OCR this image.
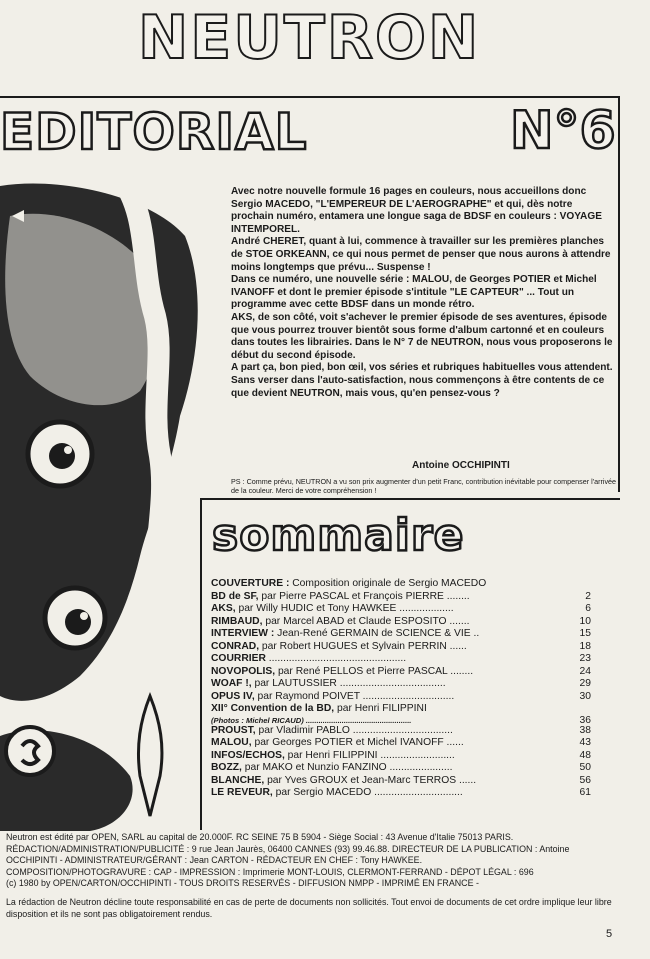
NEUTRON
EDITORIAL	N°6

Avec notre nouvelle formule 16 pages en couleurs, nous accueillons donc Sergio MACEDO, "L'EMPEREUR DE L'AEROGRAPHE" et qui, dès notre prochain numéro, entamera une longue saga de BDSF en couleurs : VOYAGE INTEMPOREL.

André CHERET, quant à lui, commence à travailler sur les premières planches de STOE ORKEANN, ce qui nous permet de penser que nous aurons à attendre moins longtemps que prévu... Suspense !

Dans ce numéro, une nouvelle série : MALOU, de Georges POTIER et Michel IVANOFF et dont le premier épisode s'intitule "LE CAPTEUR" ... Tout un programme avec cette BDSF dans un monde rétro.

AKS, de son côté, voit s'achever le premier épisode de ses aventures, épisode que vous pourrez trouver bientôt sous forme d'album cartonné et en couleurs dans toutes les librairies. Dans le N° 7 de NEUTRON, nous vous proposerons le début du second épisode.

A part ça, bon pied, bon œil, vos séries et rubriques habituelles vous attendent.

Sans verser dans l'auto-satisfaction, nous commençons à être contents de ce que devient NEUTRON, mais vous, qu'en pensez-vous ?

Antoine OCCHIPINTI
PS : Comme prévu, NEUTRON a vu son prix augmenter d'un petit Franc, contribution inévitable pour compenser l'arrivée de la couleur. Merci de votre compréhension !
sommaire
COUVERTURE : Composition originale de Sergio MACEDO
BD de SF, par Pierre PASCAL et François PIERRE ........	2
AKS, par Willy HUDIC et Tony HAWKEE ...................	6
RIMBAUD, par Marcel ABAD et Claude ESPOSITO .......	10
INTERVIEW : Jean-René GERMAIN de SCIENCE & VIE ..	15
CONRAD, par Robert HUGUES et Sylvain PERRIN ......	18
COURRIER ................................................	23
NOVOPOLIS, par René PELLOS et Pierre PASCAL ........	24
WOAF !, par LAUTUSSIER .....................................	29
OPUS IV, par Raymond POIVET ................................	30
XII° Convention de la BD, par Henri FILIPPINI
(Photos : Michel RICAUD) ..................................................	36
PROUST, par Vladimir PABLO ...................................	38
MALOU, par Georges POTIER et Michel IVANOFF ......	43
INFOS/ECHOS, par Henri FILIPPINI ..........................	48
BOZZ, par MAKO et Nunzio FANZINO ......................	50
BLANCHE, par Yves GROUX et Jean-Marc TERROS ......	56
LE REVEUR, par Sergio MACEDO ...............................	61
Neutron est édité par OPEN, SARL au capital de 20.000F. RC SEINE 75 B 5904 - Siège Social : 43 Avenue d'Italie 75013 PARIS. RÉDACTION/ADMINISTRATION/PUBLICITÉ : 9 rue Jean Jaurès, 06400 CANNES (93) 99.46.88. DIRECTEUR DE LA PUBLICATION : Antoine OCCHIPINTI - ADMINISTRATEUR/GÉRANT : Jean CARTON - RÉDACTEUR EN CHEF : Tony HAWKEE.
COMPOSITION/PHOTOGRAVURE : CAP - IMPRESSION : Imprimerie MONT-LOUIS, CLERMONT-FERRAND - DÉPOT LÉGAL : 696
(c) 1980 by OPEN/CARTON/OCCHIPINTI - TOUS DROITS RESERVÉS - DIFFUSION NMPP - IMPRIMÉ EN FRANCE -
La rédaction de Neutron décline toute responsabilité en cas de perte de documents non sollicités. Tout envoi de documents de cet ordre implique leur libre disposition et ils ne sont pas obligatoirement rendus.
5
